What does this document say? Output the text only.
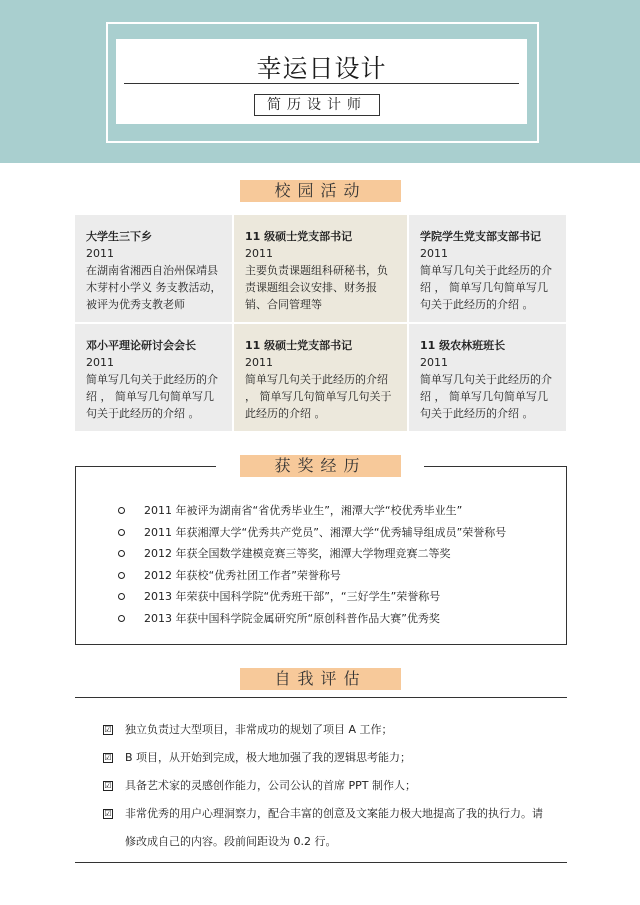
幸运日设计
简历设计师
校园活动
大学生三下乡
2011
在湖南省湘西自治州保靖县木芽村小学义 务支教活动，被评为优秀支教老师
11 级硕士党支部书记
2011
主要负责课题组科研秘书，负责课题组会议安排、财务报销、合同管理等
学院学生党支部支部书记
2011
简单写几句关于此经历的介绍 ， 简单写几句简单写几句关于此经历的介绍 。
邓小平理论研讨会会长
2011
简单写几句关于此经历的介绍 ， 简单写几句简单写几句关于此经历的介绍 。
11 级硕士党支部书记
2011
简单写几句关于此经历的介绍 ， 简单写几句简单写几句关于此经历的介绍 。
11 级农林班班长
2011
简单写几句关于此经历的介绍 ， 简单写几句简单写几句关于此经历的介绍 。
获奖经历
2011 年被评为湖南省“省优秀毕业生”，湘潭大学“校优秀毕业生”
2011 年获湘潭大学“优秀共产党员”、湘潭大学“优秀辅导组成员”荣誉称号
2012 年获全国数学建模竞赛三等奖，湘潭大学物理竞赛二等奖
2012 年获校“优秀社团工作者”荣誉称号
2013 年荣获中国科学院“优秀班干部”，“三好学生”荣誉称号
2013 年获中国科学院金属研究所“原创科普作品大赛”优秀奖
自我评估
☑ 独立负责过大型项目，非常成功的规划了项目 A 工作；
☑ B 项目，从开始到完成，极大地加强了我的逻辑思考能力；
☑ 具备艺术家的灵感创作能力，公司公认的首席 PPT 制作人；
☑ 非常优秀的用户心理洞察力，配合丰富的创意及文案能力极大地提高了我的执行力。请修改成自己的内容。段前间距设为 0.2 行。
